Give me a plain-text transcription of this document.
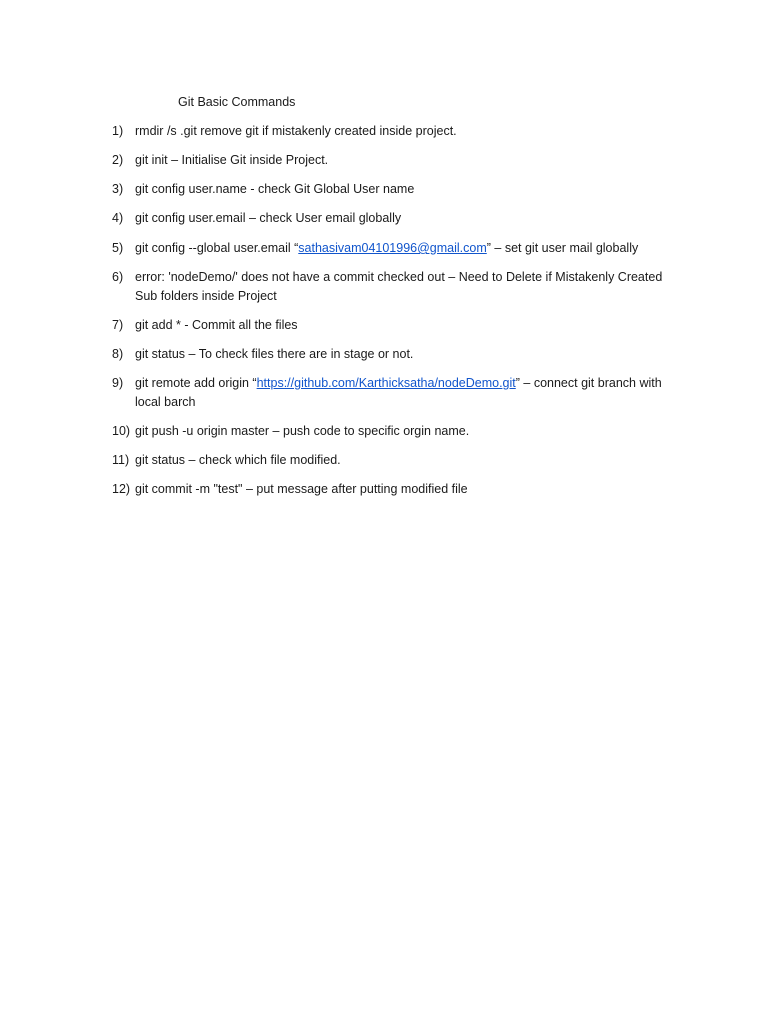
Git Basic Commands
1) rmdir /s .git remove git if mistakenly created inside project.
2) git init – Initialise Git inside Project.
3) git config user.name - check Git Global User name
4) git config user.email – check User email globally
5) git config --global user.email “sathasivam04101996@gmail.com” – set git user mail globally
6) error: 'nodeDemo/' does not have a commit checked out – Need to Delete if Mistakenly Created Sub folders inside Project
7) git add * - Commit all the files
8) git status – To check files there are in stage or not.
9) git remote add origin “https://github.com/Karthicksatha/nodeDemo.git” – connect git branch with local barch
10) git push -u origin master – push code to specific orgin name.
11) git status – check which file modified.
12) git commit -m "test" – put message after putting modified file
